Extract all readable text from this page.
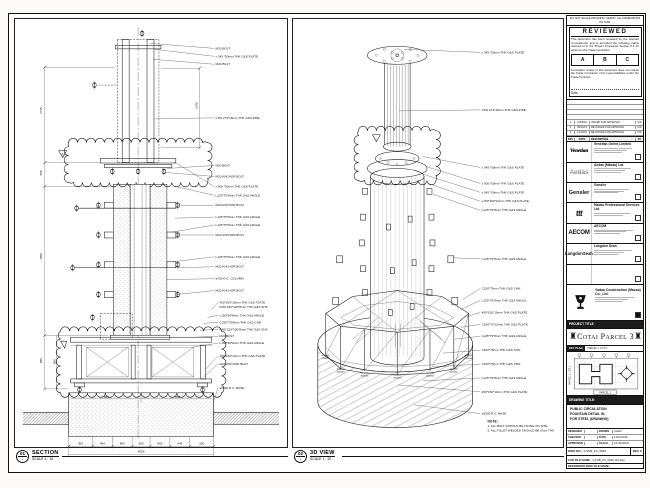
M20 BOLT
x 345 *50mm THK G&S PLATE
M20 BOLT
CHS 273*16mm THK G&S PIPE
M20 BOLT
M20 ANCHOR BOLT
x 500 *50mm THK G&S PLATE
L125*75*8mm THK G&S ANGLE
M20 ANCHOR BOLT
L125*75*8mm THK G&S ANGLE
L125*75*8mm THK G&S ANGLE
M20 ANCHOR BOLT
L125*75*8mm THK G&S ANGLE
M20 ANCHOR BOLT
ø750 R.C. COLUMN
M20 ANCHOR BOLT
400*200*16mm THK G&S PLATE
RHS 150*100*8mm THK G&S SHS
L150*90*8mm THK G&S ANGLE
C150*75*8mm THK G&S CHN
RHS 150*100*8mm THK G&S SHS
M20 BOLT
L150*90*8mm THK G&S ANGLE
450*100*10mm THK G&S PLATE
M20 ANCHOR BOLT
ø2500 R.C. BASE
1745
500
1950
850	800
1240
A
864	864
300	464	800	950	800	445	300
4059
x 345 *50mm THK G&S PLATE
CHS 273*16mm THK G&S PIPE
x 345 *50mm THK G&S PLATE
x 500 *50mm THK G&S PLATE
x 345 *50mm THK G&S PLATE
L150*150*10mm THK G&S PLATE
L125*75*8mm THK G&S ANGLE
L125*75*8mm THK G&S ANGLE
C150*75mm THK G&S CHN
L125*75*8mm THK G&S ANGLE
450*150*10mm THK G&S PLATE
C150*75*10mm THK G&S PLATE
L125*75*8mm THK G&S ANGLE
C150*75mm THK G&S CHN
C150*75mm THK G&S CHN
L125*75*8mm THK G&S ANGLE
150*150*10mm THK G&S PLATE
ø2500 R.C. BASE
NOTE:
1. ALL BOLT SHOULD BE FIXING ON SITE.
2. ALL FILLET WELDED SHOULD BE 6mm THK.
01
-
SECTION
SCALE 1 : 10
02
-
3D VIEW
SCALE 1 : 20
DO NOT SCALE DRAWING. VERIFY ALL DIMENSIONS ON SITE.
REVIEWED
This document has been reviewed by the relevant Consultant(s) and is accorded the following status referred to in the Project Procedure Section 5.4 for action by the Trade Contractor.
A	B	C
Consultant review of this document does not relieve the Trade Contractor of its responsibilities under the Trade Contract.
Date :
1	11/09/15	ISSUED FOR APPROVAL	CW
2	09/10/15	RE-ISSUED FOR APPROVAL	CW
3	14/12/15	RE-ISSUED FOR APPROVAL	CW
REV	DATE	DESCRIPTION	BY
Venetian
Venetian Orient Limited
Aedas
Aedas (Macau) Ltd.
Gensler
Gensler
ttt
Macau Professional Services Ltd.
AECOM
AECOM
LangdonSeah
Langdon Seah
Yadao Construction (Macau) Co., Ltd.
PROJECT TITLE
♜ Cotai Parcel 3 ♜
KEY PLAN	PARCEL 1, LOT 2
PARCEL 1, LOT 1
PARCEL 3
DRAWING TITLE:
PUBLIC CIRCULATION
FOUNTAIN DETAIL IN
FOR STEEL (DRAWING)
DESIGNED	-	DRAWN	CHAN
CHECKED	-	DATE	14/12/2015
APPROVED	-	SCALE	AS SHOWN
DWG NO :
3-SUB_FS_0049	REV C
CAD FILE NAME :
3-SUB_FS_0049_R3.dwg
REFERENCE DWG FILE NAME :
